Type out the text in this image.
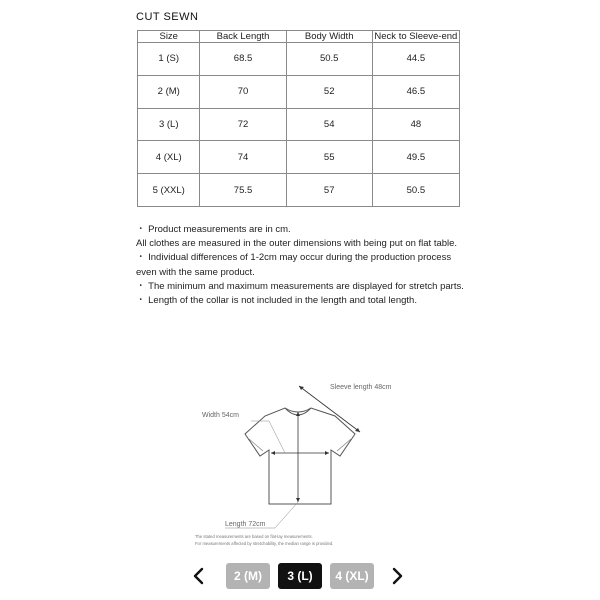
CUT SEWN
Size	Back Length	Body Width	Neck to Sleeve-end
1 (S)	68.5	50.5	44.5
2 (M)	70	52	46.5
3 (L)	72	54	48
4 (XL)	74	55	49.5
5 (XXL)	75.5	57	50.5

・ Product measurements are in cm.

All clothes are measured in the outer dimensions with being put on flat table.

・ Individual differences of 1-2cm may occur during the production process even with the same product.

・ The minimum and maximum measurements are displayed for stretch parts.

・ Length of the collar is not included in the length and total length.

Sleeve length 48cm
Width 54cm
Length 72cm
The stated measurements are based on flat-lay measurements.
For measurements affected by stretchability, the median range is provided.
2 (M)	3 (L)	4 (XL)
